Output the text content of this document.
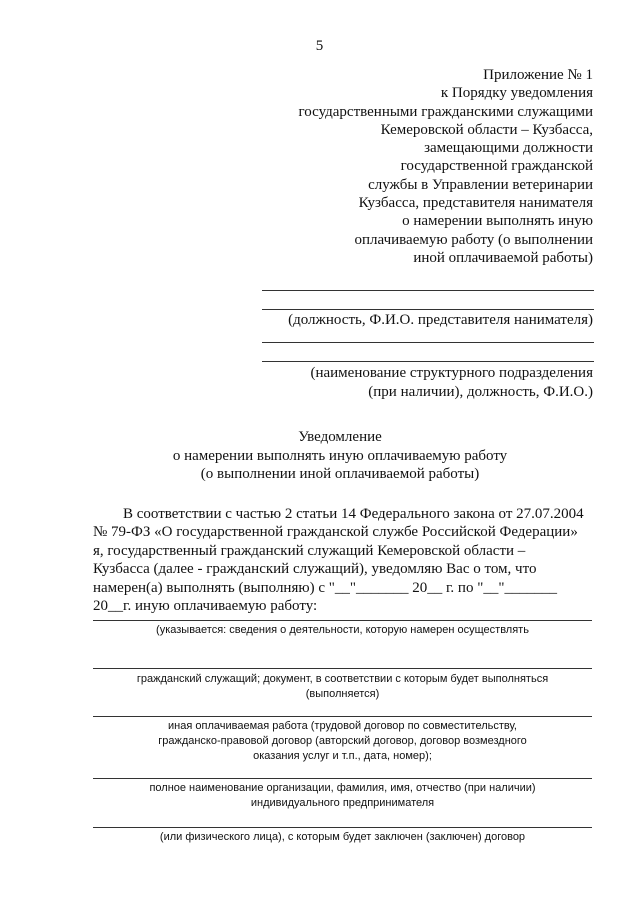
5
Приложение № 1
к Порядку уведомления
государственными гражданскими служащими
Кемеровской области – Кузбасса,
замещающими должности
государственной гражданской
службы в Управлении ветеринарии
Кузбасса, представителя нанимателя
о намерении выполнять иную
оплачиваемую работу (о выполнении
иной оплачиваемой работы)
(должность, Ф.И.О. представителя нанимателя)
(наименование структурного подразделения
(при наличии), должность, Ф.И.О.)
Уведомление
о намерении выполнять иную оплачиваемую работу
(о выполнении иной оплачиваемой работы)

В соответствии с частью 2 статьи 14 Федерального закона от 27.07.2004

№ 79-ФЗ «О государственной гражданской службе Российской Федерации»

я, государственный гражданский служащий Кемеровской области –

Кузбасса (далее - гражданский служащий), уведомляю Вас о том, что

намерен(а) выполнять (выполняю) с "__"_______ 20__ г. по "__"_______

20__г. иную оплачиваемую работу:

(указывается: сведения о деятельности, которую намерен осуществлять
гражданский служащий; документ, в соответствии с которым будет выполняться
(выполняется)
иная оплачиваемая работа (трудовой договор по совместительству,
гражданско-правовой договор (авторский договор, договор возмездного
оказания услуг и т.п., дата, номер);
полное наименование организации, фамилия, имя, отчество (при наличии)
индивидуального предпринимателя
(или физического лица), с которым будет заключен (заключен) договор
